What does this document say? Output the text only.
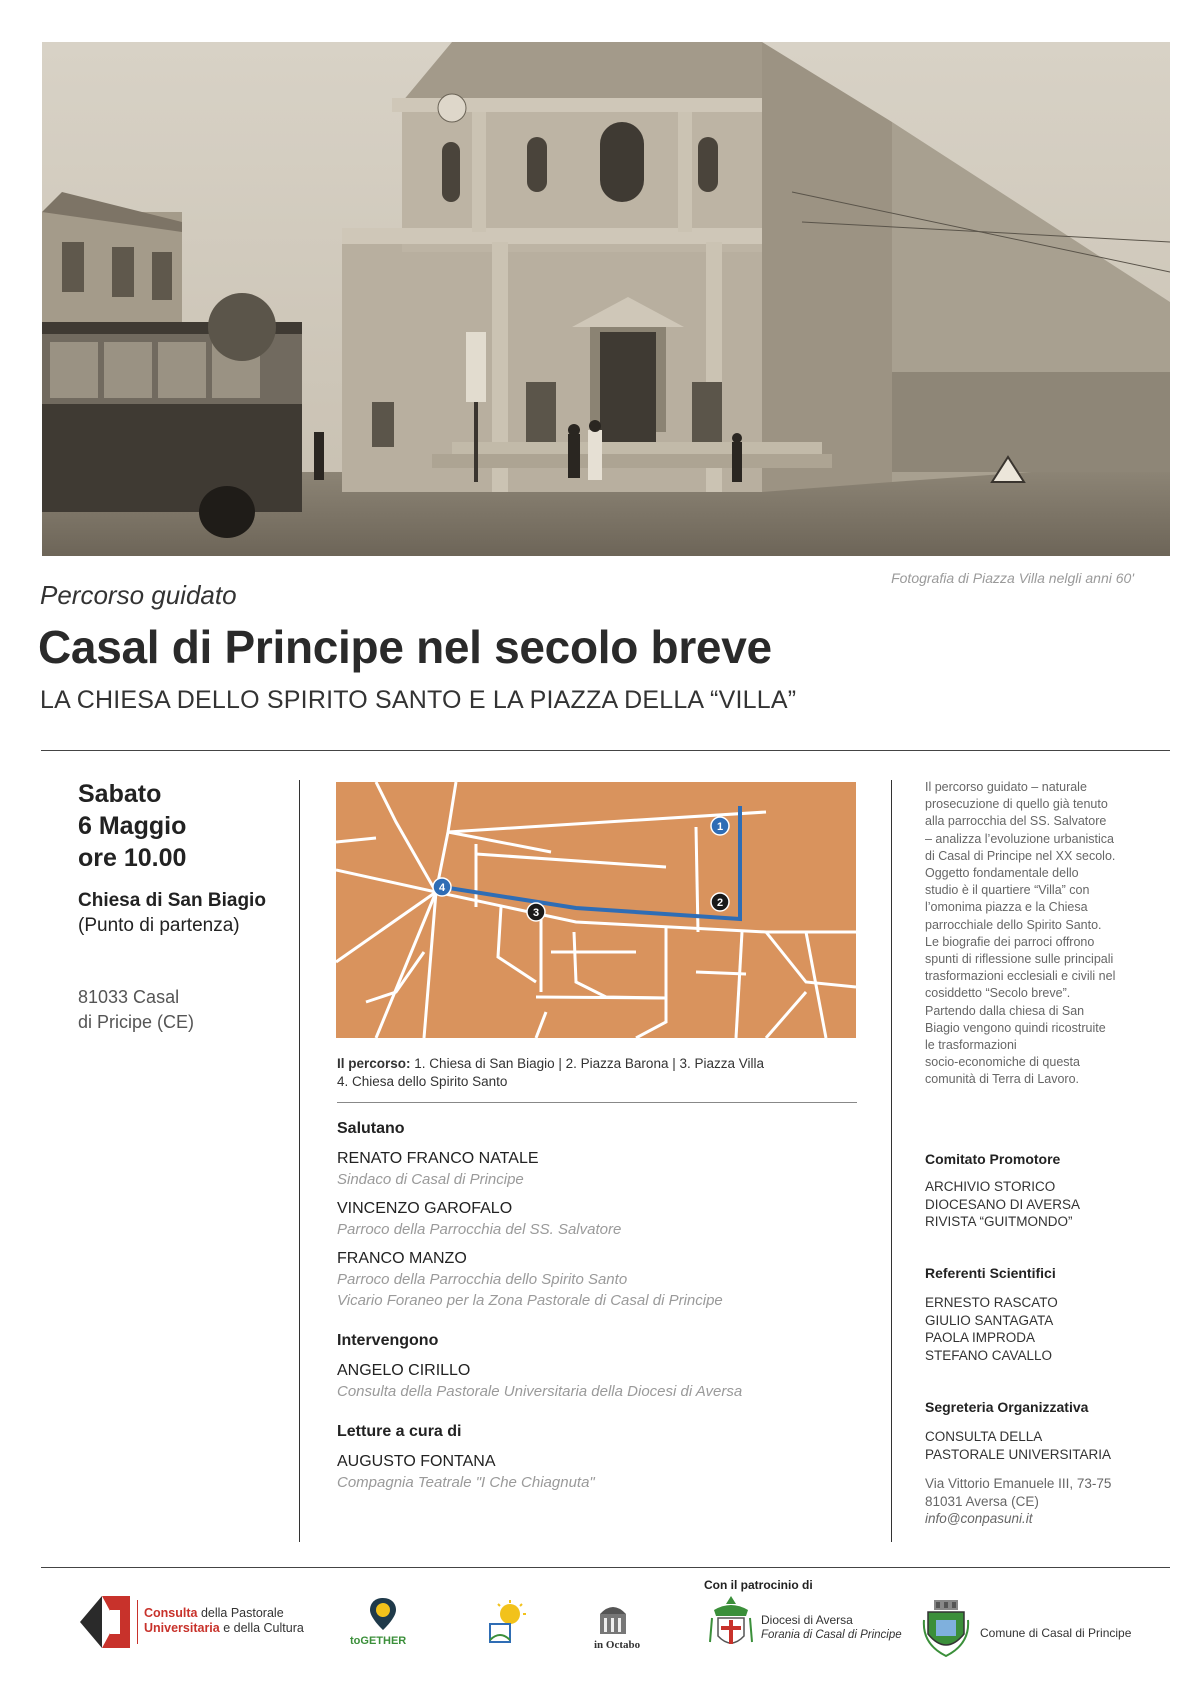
Fotografia di Piazza Villa nelgli anni 60'
Percorso guidato
Casal di Principe nel secolo breve
LA CHIESA DELLO SPIRITO SANTO E LA PIAZZA DELLA “VILLA”
Sabato
6 Maggio
ore 10.00
Chiesa di San Biagio (Punto di partenza)
81033 Casal
di Pricipe (CE)
1
2
3
4
Il percorso: 1. Chiesa di San Biagio | 2. Piazza Barona | 3. Piazza Villa
4. Chiesa dello Spirito Santo
Salutano
RENATO FRANCO NATALE
Sindaco di Casal di Principe
VINCENZO GAROFALO
Parroco della Parrocchia del SS. Salvatore
FRANCO MANZO
Parroco della Parrocchia dello Spirito Santo
Vicario Foraneo per la Zona Pastorale di Casal di Principe
Intervengono
ANGELO CIRILLO
Consulta della Pastorale Universitaria della Diocesi di Aversa
Letture a cura di
AUGUSTO FONTANA
Compagnia Teatrale "I Che Chiagnuta"
Il percorso guidato – naturale
prosecuzione di quello già tenuto
alla parrocchia del SS. Salvatore
– analizza l’evoluzione urbanistica
di Casal di Principe nel XX secolo.
Oggetto fondamentale dello
studio è il quartiere “Villa” con
l’omonima piazza e la Chiesa
parrocchiale dello Spirito Santo.
Le biografie dei parroci offrono
spunti di riflessione sulle principali
trasformazioni ecclesiali e civili nel
cosiddetto “Secolo breve”.
Partendo dalla chiesa di San
Biagio vengono quindi ricostruite
le trasformazioni
socio-economiche di questa
comunità di Terra di Lavoro.
Comitato Promotore
ARCHIVIO STORICO
DIOCESANO DI AVERSA
RIVISTA “GUITMONDO”
Referenti Scientifici
ERNESTO RASCATO
GIULIO SANTAGATA
PAOLA IMPRODA
STEFANO CAVALLO
Segreteria Organizzativa
CONSULTA DELLA
PASTORALE UNIVERSITARIA
Via Vittorio Emanuele III, 73-75
81031 Aversa (CE)
info@conpasuni.it
Con il patrocinio di
Consulta della Pastorale
Universitaria e della Cultura
toGETHER	in Octabo
Diocesi di Aversa
Forania di Casal di Principe	Comune di Casal di Principe
